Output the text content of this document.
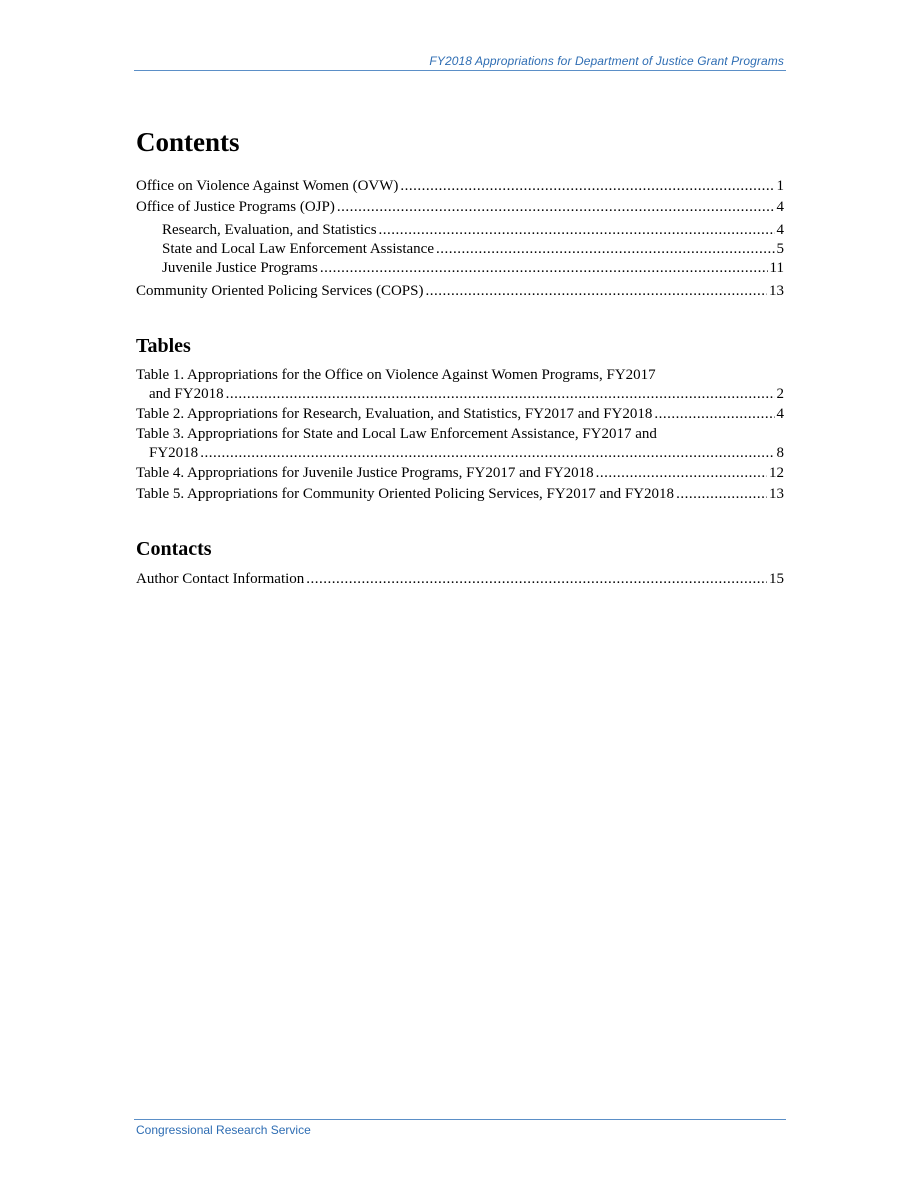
FY2018 Appropriations for Department of Justice Grant Programs
Contents
Office on Violence Against Women (OVW) .....	1
Office of Justice Programs (OJP) .....	4
Research, Evaluation, and Statistics .....	4
State and Local Law Enforcement Assistance .....	5
Juvenile Justice Programs .....	11
Community Oriented Policing Services (COPS) .....	13
Tables
Table 1. Appropriations for the Office on Violence Against Women Programs, FY2017
and FY2018 .....	2
Table 2. Appropriations for Research, Evaluation, and Statistics, FY2017 and FY2018 .....	4
Table 3. Appropriations for State and Local Law Enforcement Assistance, FY2017 and
FY2018 .....	8
Table 4. Appropriations for Juvenile Justice Programs, FY2017 and FY2018 .....	12
Table 5. Appropriations for Community Oriented Policing Services, FY2017 and FY2018 .....	13
Contacts
Author Contact Information .....	15
Congressional Research Service
